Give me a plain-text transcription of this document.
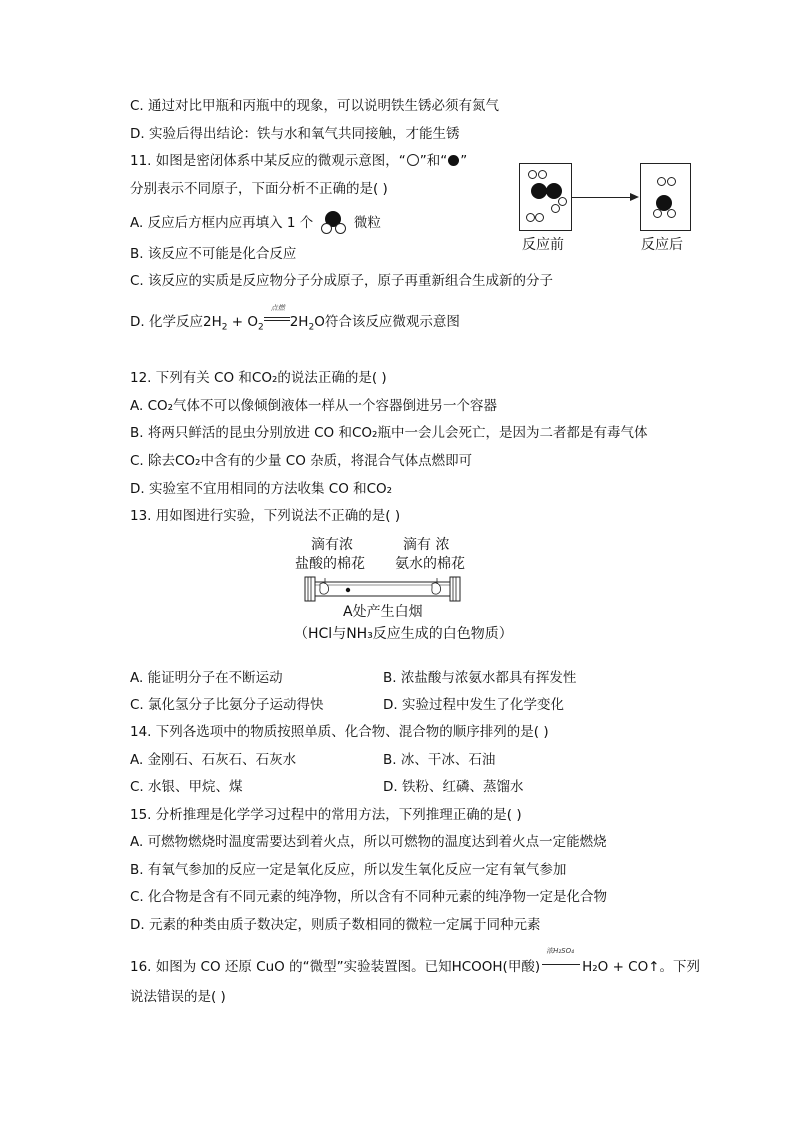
C. 通过对比甲瓶和丙瓶中的现象，可以说明铁生锈必须有氮气
D. 实验后得出结论：铁与水和氧气共同接触，才能生锈
11. 如图是密闭体系中某反应的微观示意图，“ ”和“ ”
分别表示不同原子，下面分析不正确的是( )
A. 反应后方框内应再填入 1 个	微粒
B. 该反应不可能是化合反应
C. 该反应的实质是反应物分子分成原子，原子再重新组合生成新的分子
D. 化学反应$2H_2 + O_2$
点燃
$2H_2O$符合该反应微观示意图
反应前	反应后
12. 下列有关 CO 和CO₂的说法正确的是( )
A. CO₂气体不可以像倾倒液体一样从一个容器倒进另一个容器
B. 将两只鲜活的昆虫分别放进 CO 和CO₂瓶中一会儿会死亡，是因为二者都是有毒气体
C. 除去CO₂中含有的少量 CO 杂质，将混合气体点燃即可
D. 实验室不宜用相同的方法收集 CO 和CO₂
13. 用如图进行实验，下列说法不正确的是( )
滴有浓
盐酸的棉花
滴有 浓
氨水的棉花
A处产生白烟
（HCl与NH₃反应生成的白色物质）
A. 能证明分子在不断运动	B. 浓盐酸与浓氨水都具有挥发性
C. 氯化氢分子比氨分子运动得快	D. 实验过程中发生了化学变化
14. 下列各选项中的物质按照单质、化合物、混合物的顺序排列的是( )
A. 金刚石、石灰石、石灰水	B. 冰、干冰、石油
C. 水银、甲烷、煤	D. 铁粉、红磷、蒸馏水
15. 分析推理是化学学习过程中的常用方法，下列推理正确的是( )
A. 可燃物燃烧时温度需要达到着火点，所以可燃物的温度达到着火点一定能燃烧
B. 有氧气参加的反应一定是氧化反应，所以发生氧化反应一定有氧气参加
C. 化合物是含有不同元素的纯净物，所以含有不同种元素的纯净物一定是化合物
D. 元素的种类由质子数决定，则质子数相同的微粒一定属于同种元素
16. 如图为 CO 还原 CuO 的“微型”实验装置图。已知HCOOH(甲酸)
浓H₂SO₄
H₂O + CO↑。下列
说法错误的是( )
